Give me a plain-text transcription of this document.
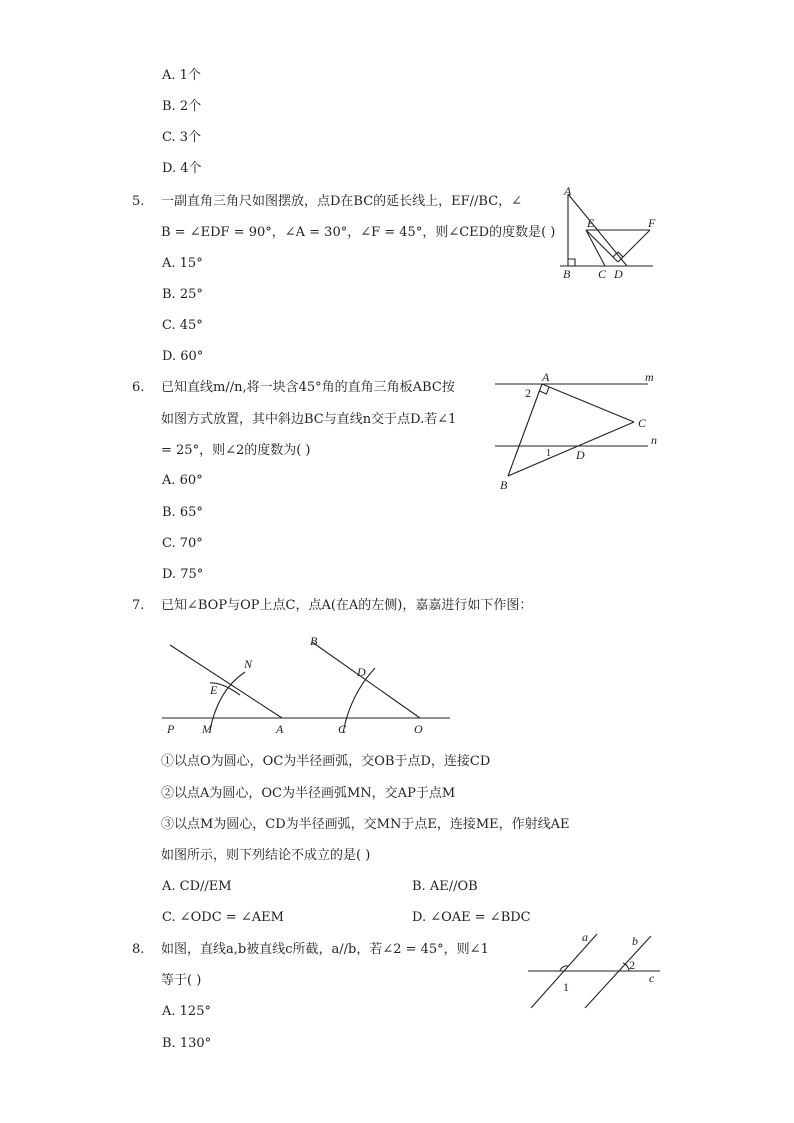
A. 1个
B. 2个
C. 3个
D. 4个
5. 一副直角三角尺如图摆放，点D在BC的延长线上，EF//BC，∠
B = ∠EDF = 90°，∠A = 30°，∠F = 45°，则∠CED的度数是( )
A. 15°
B. 25°
C. 45°
D. 60°
A
E	F
B C D
6. 已知直线m//n,将一块含45°角的直角三角板ABC按
如图方式放置，其中斜边BC与直线n交于点D.若∠1
= 25°，则∠2的度数为( )
A. 60°
B. 65°
C. 70°
D. 75°
A	m
2
C
n
1 D
B
7. 已知∠BOP与OP上点C，点A(在A的左侧)，嘉嘉进行如下作图：
N
E
P M	A
B
D
C	O
①以点O为圆心，OC为半径画弧，交OB于点D，连接CD
②以点A为圆心，OC为半径画弧MN，交AP于点M
③以点M为圆心，CD为半径画弧，交MN于点E，连接ME，作射线AE
如图所示，则下列结论不成立的是( )
A. CD//EM	B. AE//OB
C. ∠ODC = ∠AEM	D. ∠OAE = ∠BDC
8. 如图，直线a,b被直线c所截，a//b，若∠2 = 45°，则∠1
等于( )
A. 125°
B. 130°
a	b
2
c
1
